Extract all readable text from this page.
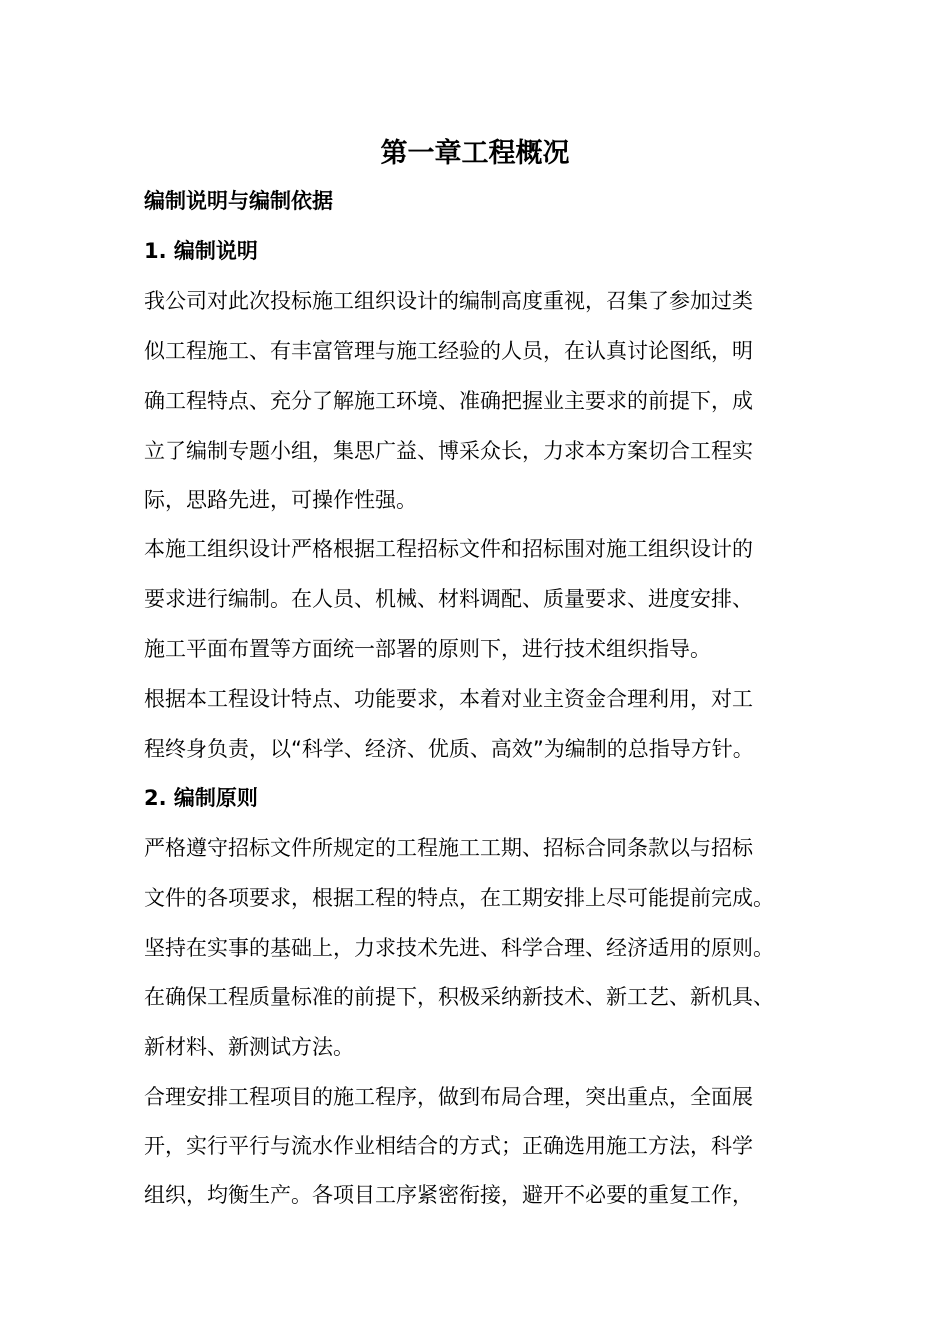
第一章工程概况
编制说明与编制依据
1. 编制说明
我公司对此次投标施工组织设计的编制高度重视，召集了参加过类
似工程施工、有丰富管理与施工经验的人员，在认真讨论图纸，明
确工程特点、充分了解施工环境、准确把握业主要求的前提下，成
立了编制专题小组，集思广益、博采众长，力求本方案切合工程实
际，思路先进，可操作性强。
本施工组织设计严格根据工程招标文件和招标围对施工组织设计的
要求进行编制。在人员、机械、材料调配、质量要求、进度安排、
施工平面布置等方面统一部署的原则下，进行技术组织指导。
根据本工程设计特点、功能要求，本着对业主资金合理利用，对工
程终身负责，以“科学、经济、优质、高效”为编制的总指导方针。
2. 编制原则
严格遵守招标文件所规定的工程施工工期、招标合同条款以与招标
文件的各项要求，根据工程的特点，在工期安排上尽可能提前完成。
坚持在实事的基础上，力求技术先进、科学合理、经济适用的原则。
在确保工程质量标准的前提下，积极采纳新技术、新工艺、新机具、
新材料、新测试方法。
合理安排工程项目的施工程序，做到布局合理，突出重点，全面展
开，实行平行与流水作业相结合的方式；正确选用施工方法，科学
组织，均衡生产。各项目工序紧密衔接，避开不必要的重复工作，
